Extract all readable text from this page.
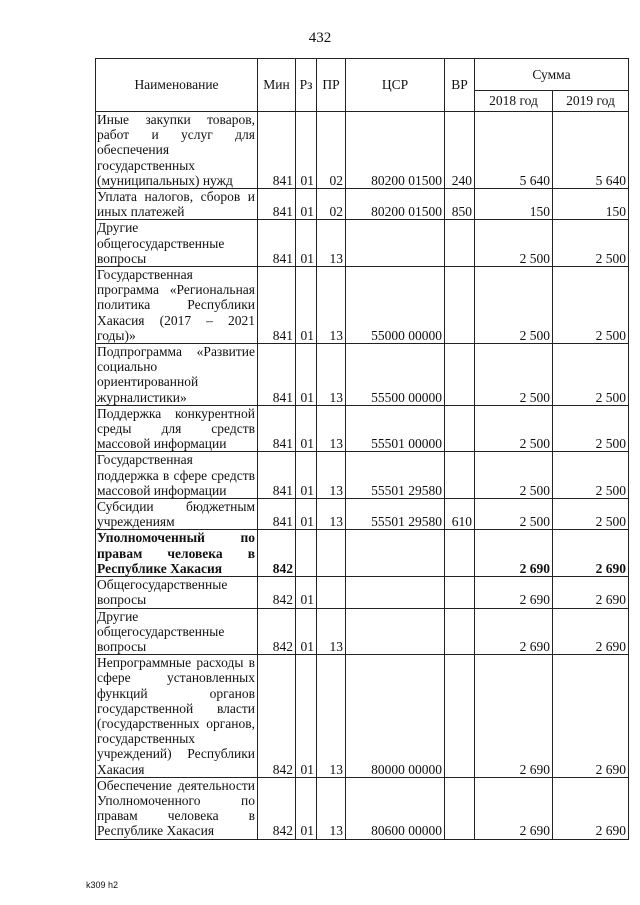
432
Наименование	Мин	Рз	ПР	ЦСР	ВР	Сумма	
						2018 год	2019 год
Иные закупки товаров, работ и услуг для обеспечения государственных (муниципальных) нужд	841	01	02	80200 01500	240	5 640	5 640
Уплата налогов, сборов и иных платежей	841	01	02	80200 01500	850	150	150
Другие общегосударственные вопросы	841	01	13			2 500	2 500
Государственная программа «Региональная политика Республики Хакасия (2017 – 2021 годы)»	841	01	13	55000 00000		2 500	2 500
Подпрограмма «Развитие социально ориентированной журналистики»	841	01	13	55500 00000		2 500	2 500
Поддержка конкурентной среды для средств массовой информации	841	01	13	55501 00000		2 500	2 500
Государственная поддержка в сфере средств массовой информации	841	01	13	55501 29580		2 500	2 500
Субсидии бюджетным учреждениям	841	01	13	55501 29580	610	2 500	2 500
Уполномоченный по правам человека в Республике Хакасия	842					2 690	2 690
Общегосударственные вопросы	842	01				2 690	2 690
Другие общегосударственные вопросы	842	01	13			2 690	2 690
Непрограммные расходы в сфере установленных функций органов государственной власти (государственных органов, государственных учреждений) Республики Хакасия	842	01	13	80000 00000		2 690	2 690
Обеспечение деятельности Уполномоченного по правам человека в Республике Хакасия	842	01	13	80600 00000		2 690	2 690
k309 h2
